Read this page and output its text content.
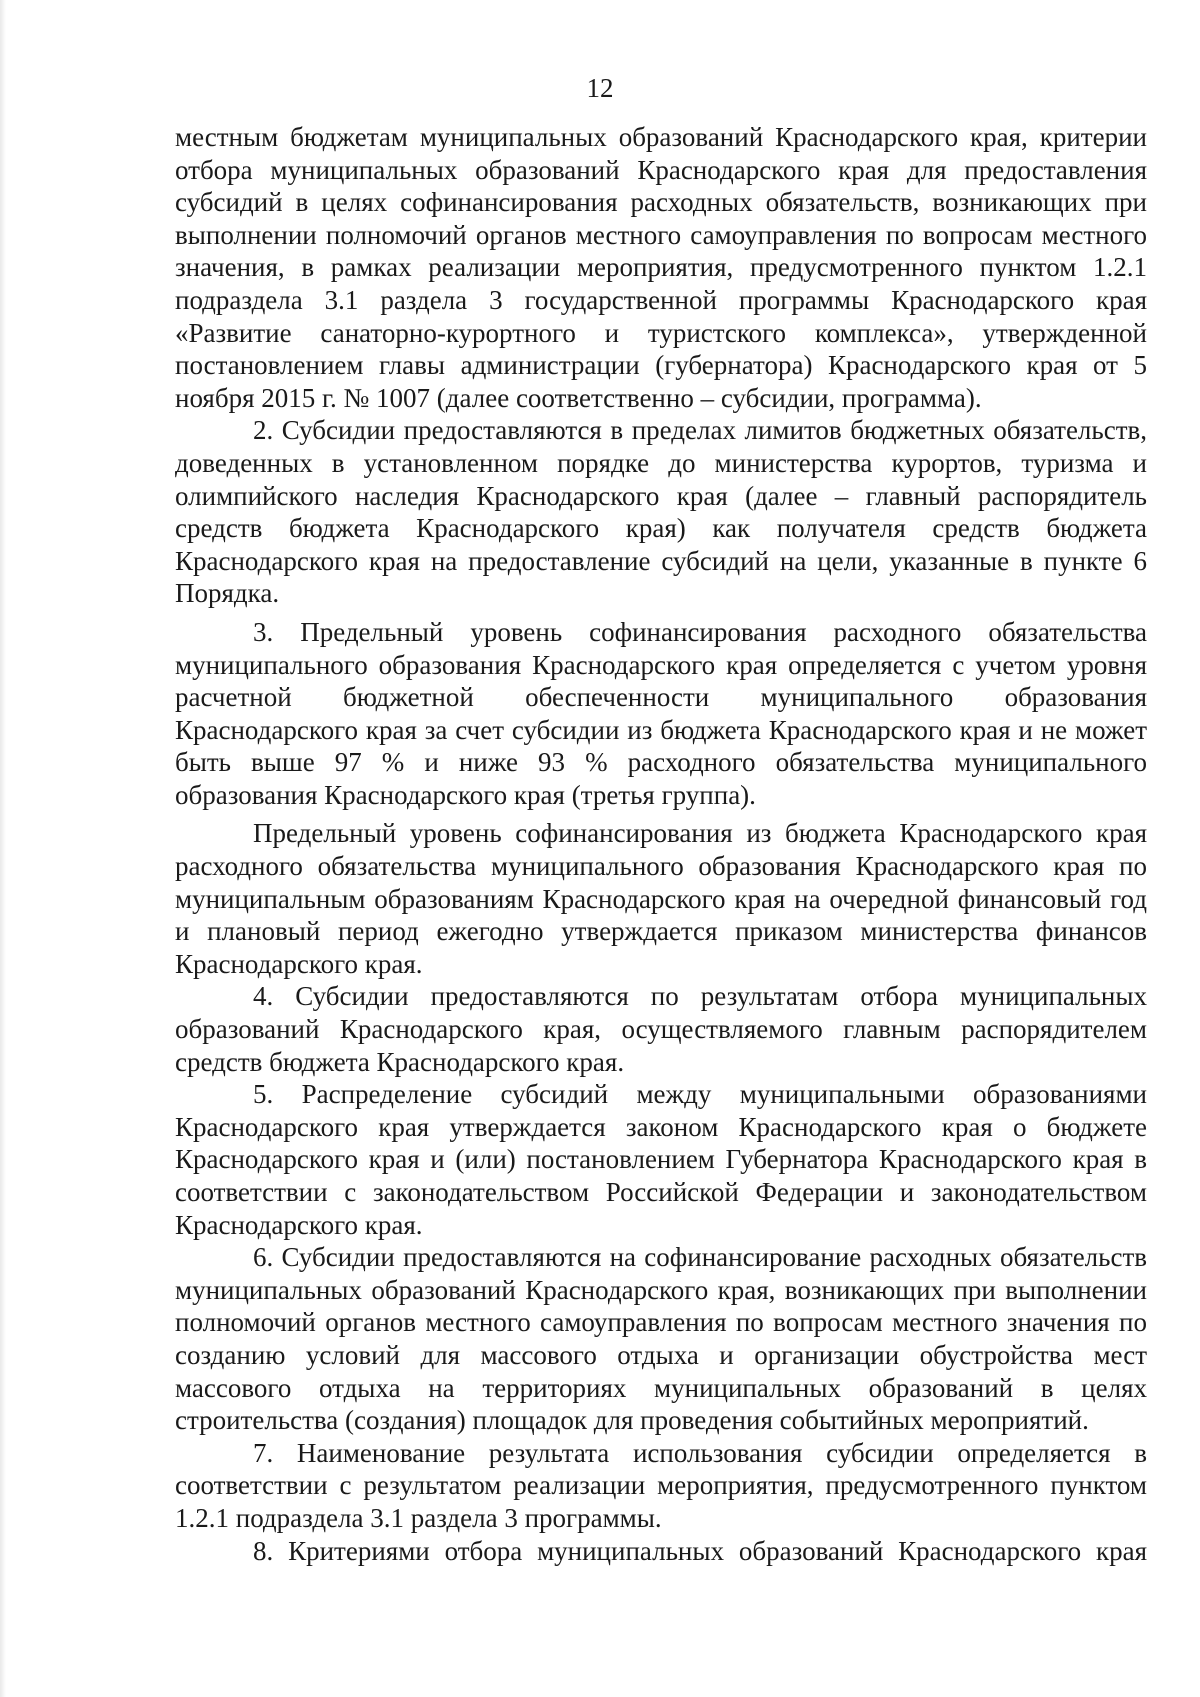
12

местным бюджетам муниципальных образований Краснодарского края, критерии отбора муниципальных образований Краснодарского края для предоставления субсидий в целях софинансирования расходных обязательств, возникающих при выполнении полномочий органов местного самоуправления по вопросам местного значения, в рамках реализации мероприятия, предусмотренного пунктом 1.2.1 подраздела 3.1 раздела 3 государственной программы Краснодарского края «Развитие санаторно-курортного и туристского комплекса», утвержденной постановлением главы администрации (губернатора) Краснодарского края от 5 ноября 2015 г. № 1007 (далее соответственно – субсидии, программа).

2. Субсидии предоставляются в пределах лимитов бюджетных обязательств, доведенных в установленном порядке до министерства курортов, туризма и олимпийского наследия Краснодарского края (далее – главный распорядитель средств бюджета Краснодарского края) как получателя средств бюджета Краснодарского края на предоставление субсидий на цели, указанные в пункте 6 Порядка.

3. Предельный уровень софинансирования расходного обязательства муниципального образования Краснодарского края определяется с учетом уровня расчетной бюджетной обеспеченности муниципального образования Краснодарского края за счет субсидии из бюджета Краснодарского края и не может быть выше 97 % и ниже 93 % расходного обязательства муниципального образования Краснодарского края (третья группа).

Предельный уровень софинансирования из бюджета Краснодарского края расходного обязательства муниципального образования Краснодарского края по муниципальным образованиям Краснодарского края на очередной финансовый год и плановый период ежегодно утверждается приказом министерства финансов Краснодарского края.

4. Субсидии предоставляются по результатам отбора муниципальных образований Краснодарского края, осуществляемого главным распорядителем средств бюджета Краснодарского края.

5. Распределение субсидий между муниципальными образованиями Краснодарского края утверждается законом Краснодарского края о бюджете Краснодарского края и (или) постановлением Губернатора Краснодарского края в соответствии с законодательством Российской Федерации и законодательством Краснодарского края.

6. Субсидии предоставляются на софинансирование расходных обязательств муниципальных образований Краснодарского края, возникающих при выполнении полномочий органов местного самоуправления по вопросам местного значения по созданию условий для массового отдыха и организации обустройства мест массового отдыха на территориях муниципальных образований в целях строительства (создания) площадок для проведения событийных мероприятий.

7. Наименование результата использования субсидии определяется в соответствии с результатом реализации мероприятия, предусмотренного пунктом 1.2.1 подраздела 3.1 раздела 3 программы.

8. Критериями отбора муниципальных образований Краснодарского края
